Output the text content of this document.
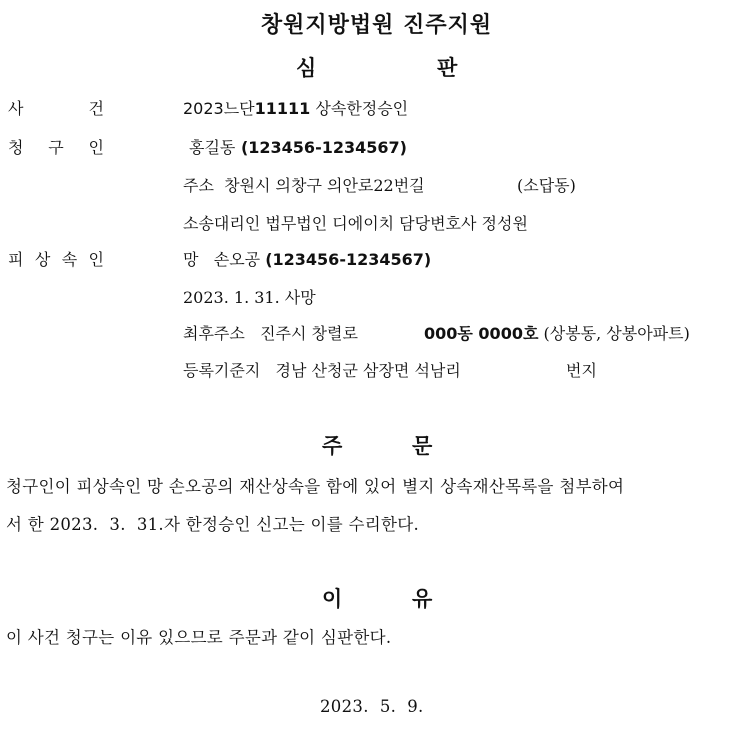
창원지방법원 진주지원
심	판
사	건	2023느단11111 상속한정승인
청 구 인	홍길동 (123456-1234567)
주소 창원시 의창구 의안로22번길	(소답동)
소송대리인 법무법인 디에이치 담당변호사 정성원
피 상 속 인	망 손오공 (123456-1234567)
2023. 1. 31. 사망
최후주소 진주시 창렬로	000동 0000호 (상봉동, 상봉아파트)
등록기준지 경남 산청군 삼장면 석남리	번지
주	문
청구인이 피상속인 망 손오공의 재산상속을 함에 있어 별지 상속재산목록을 첨부하여
서 한 2023.  3.  31.자 한정승인 신고는 이를 수리한다.
이	유
이 사건 청구는 이유 있으므로 주문과 같이 심판한다.
2023.  5.  9.
